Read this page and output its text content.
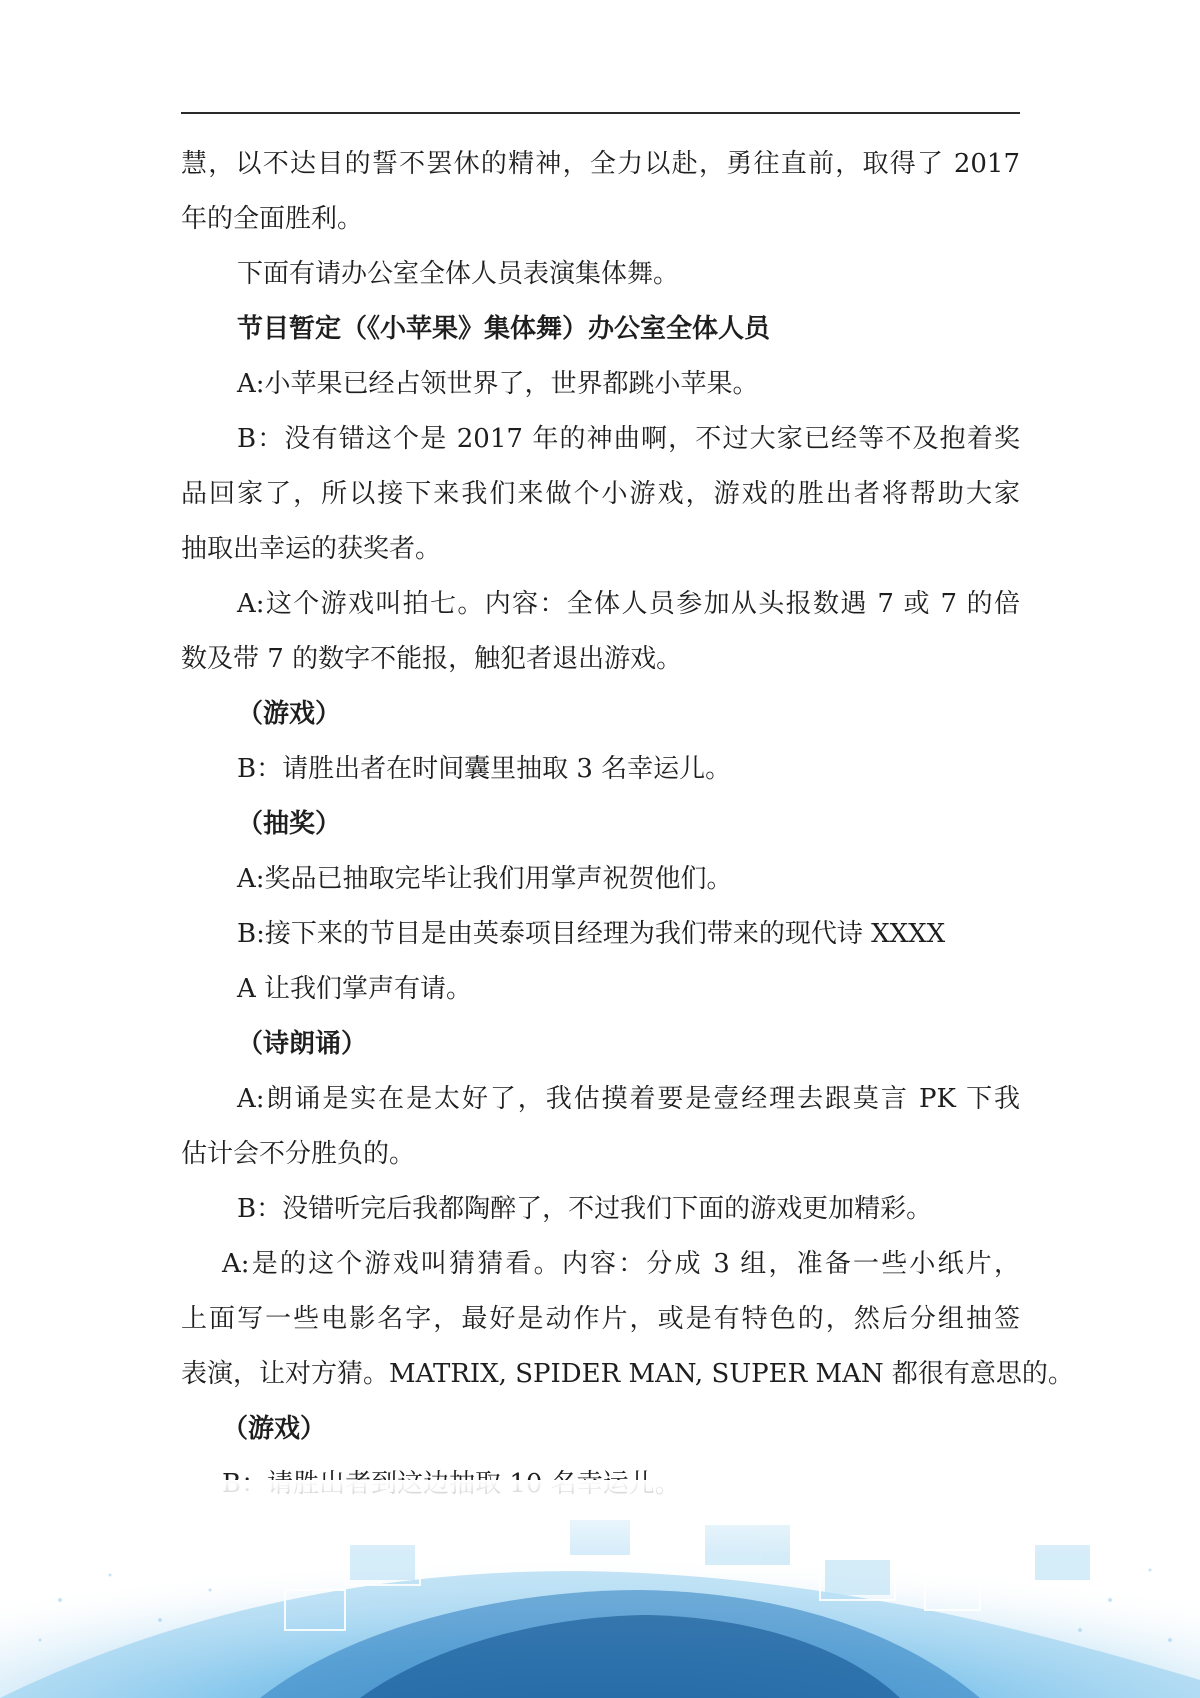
慧，以不达目的誓不罢休的精神，全力以赴，勇往直前，取得了 2017
年的全面胜利。
下面有请办公室全体人员表演集体舞。
节目暂定（《小苹果》集体舞）办公室全体人员
A:小苹果已经占领世界了，世界都跳小苹果。
B：没有错这个是 2017 年的神曲啊，不过大家已经等不及抱着奖
品回家了，所以接下来我们来做个小游戏，游戏的胜出者将帮助大家
抽取出幸运的获奖者。
A:这个游戏叫拍七。内容：全体人员参加从头报数遇 7 或 7 的倍
数及带 7 的数字不能报，触犯者退出游戏。
（游戏）
B：请胜出者在时间囊里抽取 3 名幸运儿。
（抽奖）
A:奖品已抽取完毕让我们用掌声祝贺他们。
B:接下来的节目是由英泰项目经理为我们带来的现代诗 XXXX
A 让我们掌声有请。
（诗朗诵）
A:朗诵是实在是太好了，我估摸着要是壹经理去跟莫言 PK 下我
估计会不分胜负的。
B：没错听完后我都陶醉了，不过我们下面的游戏更加精彩。
A:是的这个游戏叫猜猜看。内容：分成 3 组，准备一些小纸片，
上面写一些电影名字，最好是动作片，或是有特色的，然后分组抽签
表演，让对方猜。MATRIX, SPIDER MAN, SUPER MAN 都很有意思的。
（游戏）
